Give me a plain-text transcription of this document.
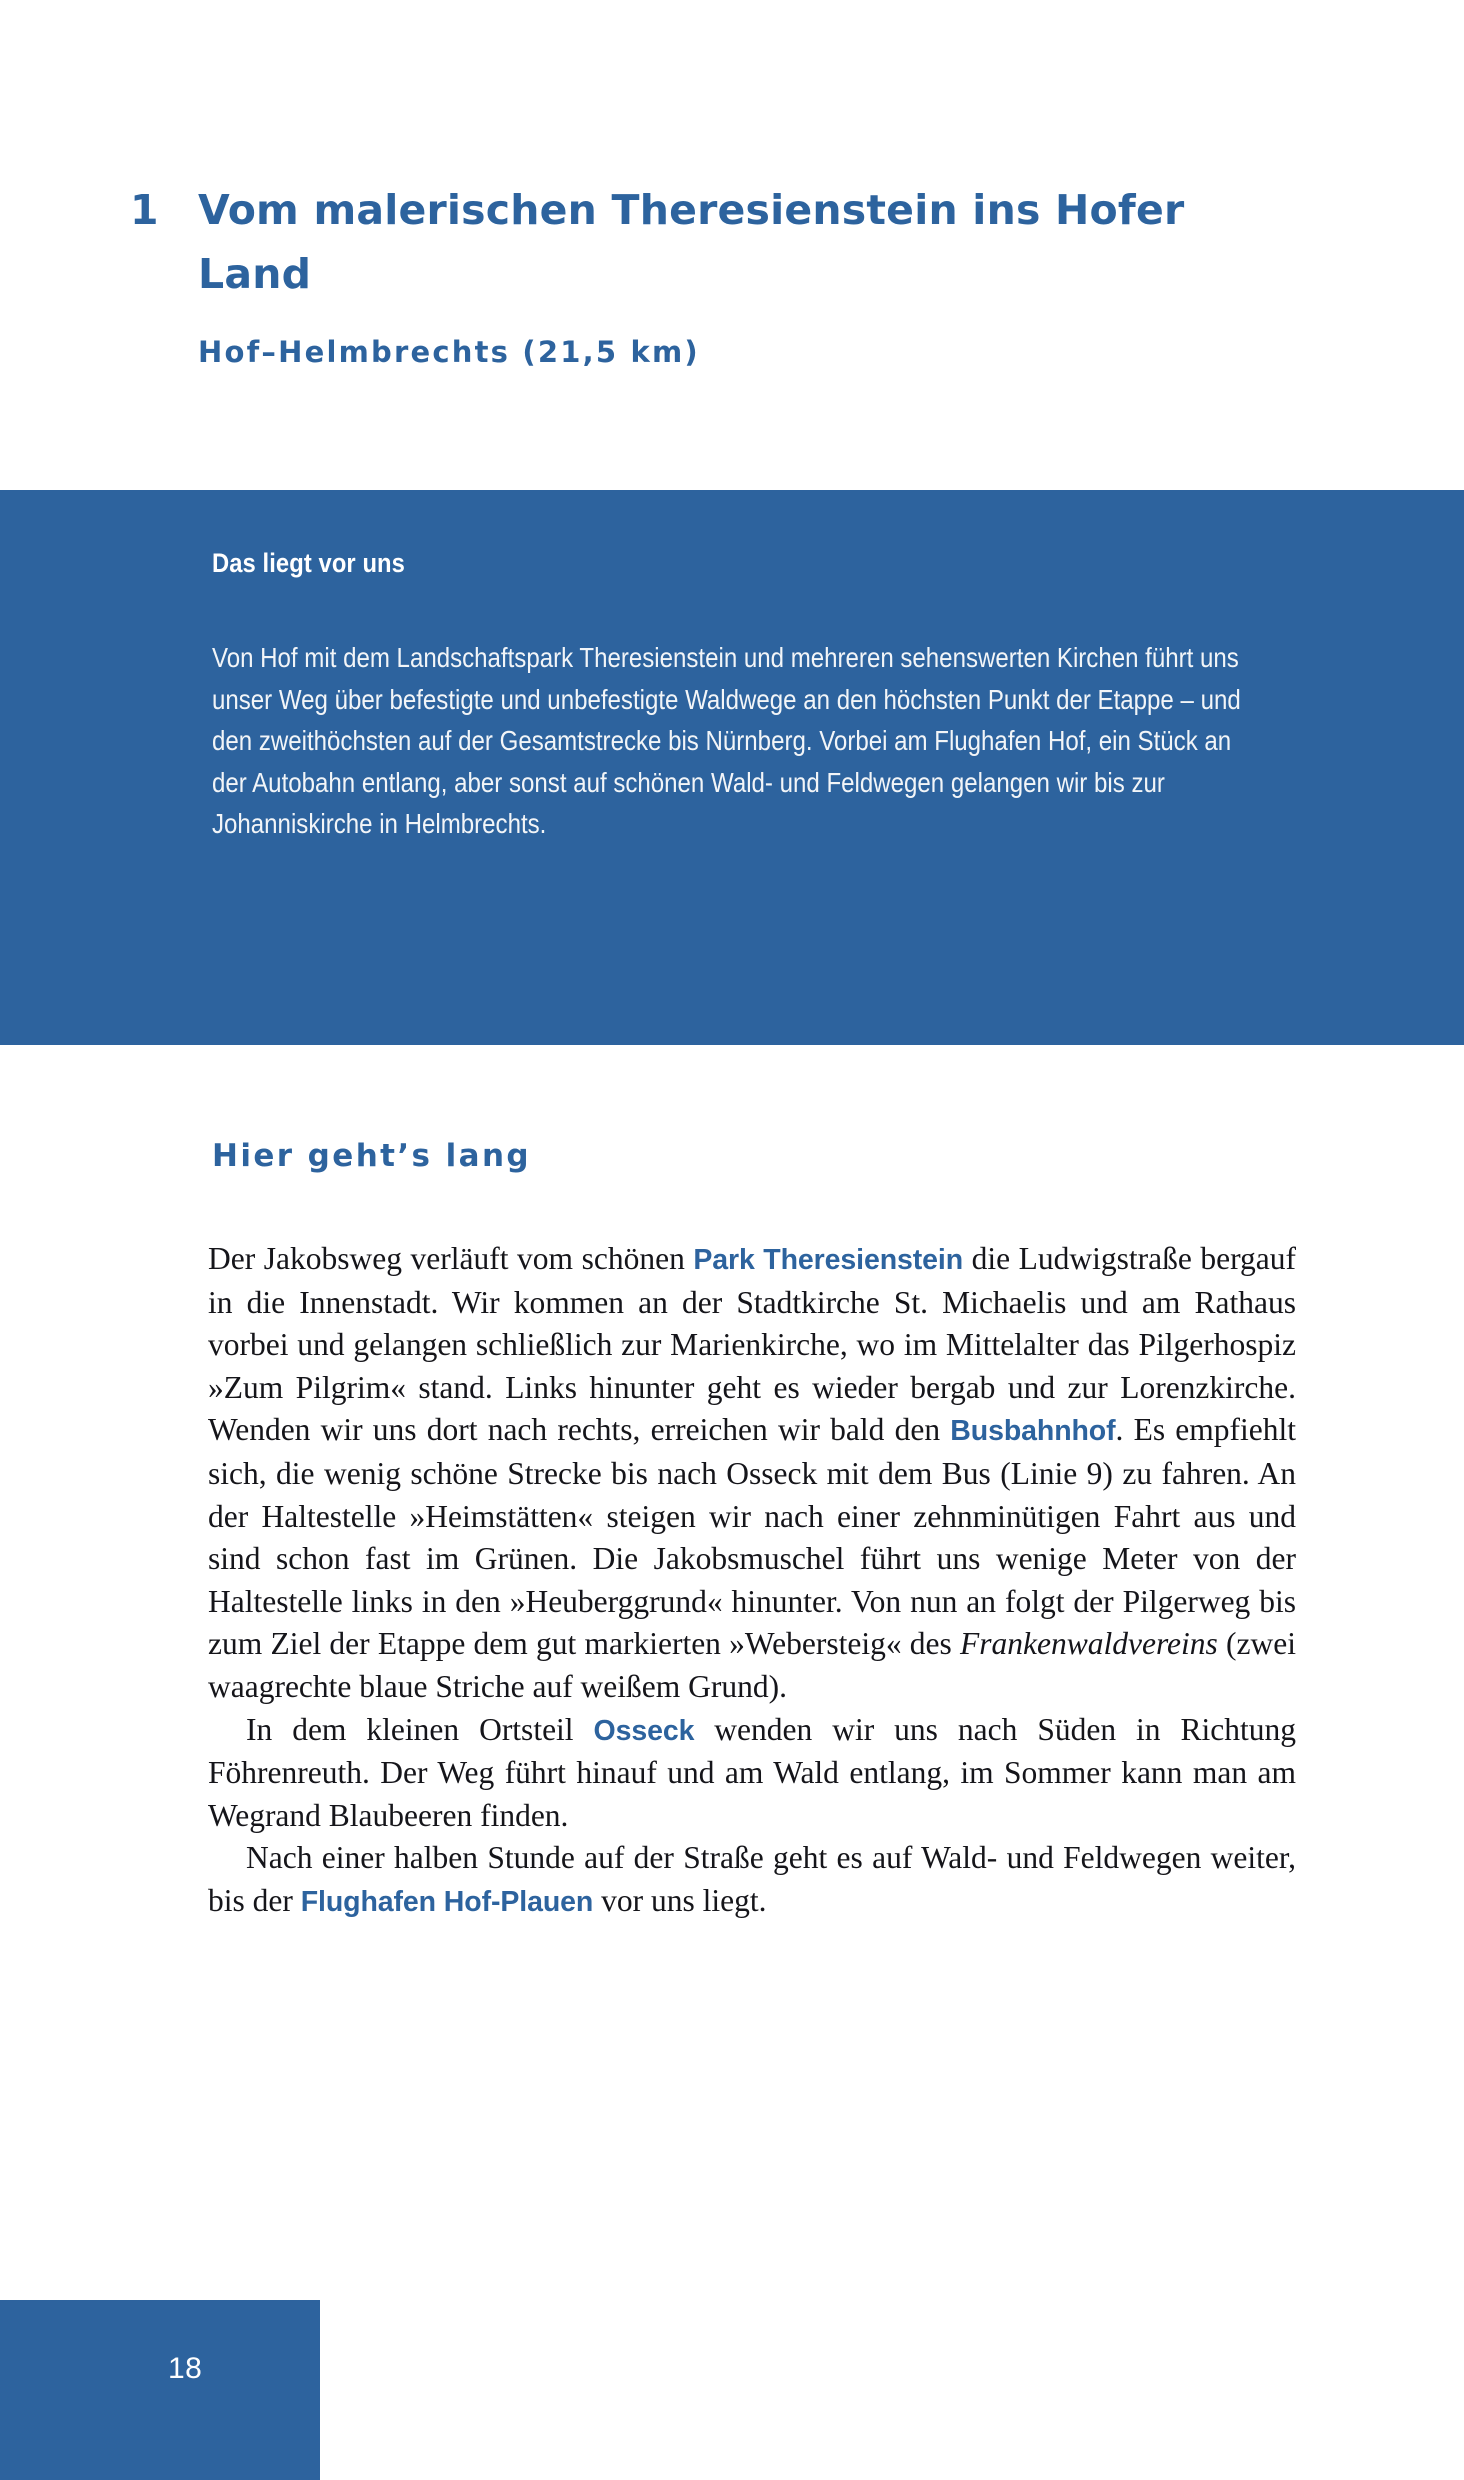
1 Vom malerischen Theresienstein ins Hofer Land
Hof–Helmbrechts (21,5 km)
Das liegt vor uns
Von Hof mit dem Landschaftspark Theresienstein und mehreren sehenswerten Kirchen führt uns unser Weg über befestigte und unbefestigte Waldwege an den höchsten Punkt der Etappe – und den zweithöchsten auf der Gesamtstrecke bis Nürnberg. Vorbei am Flughafen Hof, ein Stück an der Autobahn entlang, aber sonst auf schönen Wald- und Feldwegen gelangen wir bis zur Johanniskirche in Helmbrechts.
Hier geht’s lang

Der Jakobsweg verläuft vom schönen Park Theresienstein die Ludwigstraße bergauf in die Innenstadt. Wir kommen an der Stadtkirche St. Michaelis und am Rathaus vorbei und gelangen schließlich zur Marienkirche, wo im Mittelalter das Pilgerhospiz »Zum Pilgrim« stand. Links hinunter geht es wieder bergab und zur Lorenzkirche. Wenden wir uns dort nach rechts, erreichen wir bald den Busbahnhof. Es empfiehlt sich, die wenig schöne Strecke bis nach Osseck mit dem Bus (Linie 9) zu fahren. An der Haltestelle »Heimstätten« steigen wir nach einer zehnminütigen Fahrt aus und sind schon fast im Grünen. Die Jakobsmuschel führt uns wenige Meter von der Haltestelle links in den »Heuberggrund« hinunter. Von nun an folgt der Pilgerweg bis zum Ziel der Etappe dem gut markierten »Webersteig« des Frankenwaldvereins (zwei waagrechte blaue Striche auf weißem Grund).

In dem kleinen Ortsteil Osseck wenden wir uns nach Süden in Richtung Föhrenreuth. Der Weg führt hinauf und am Wald entlang, im Sommer kann man am Wegrand Blaubeeren finden.

Nach einer halben Stunde auf der Straße geht es auf Wald- und Feldwegen weiter, bis der Flughafen Hof-Plauen vor uns liegt.

18
